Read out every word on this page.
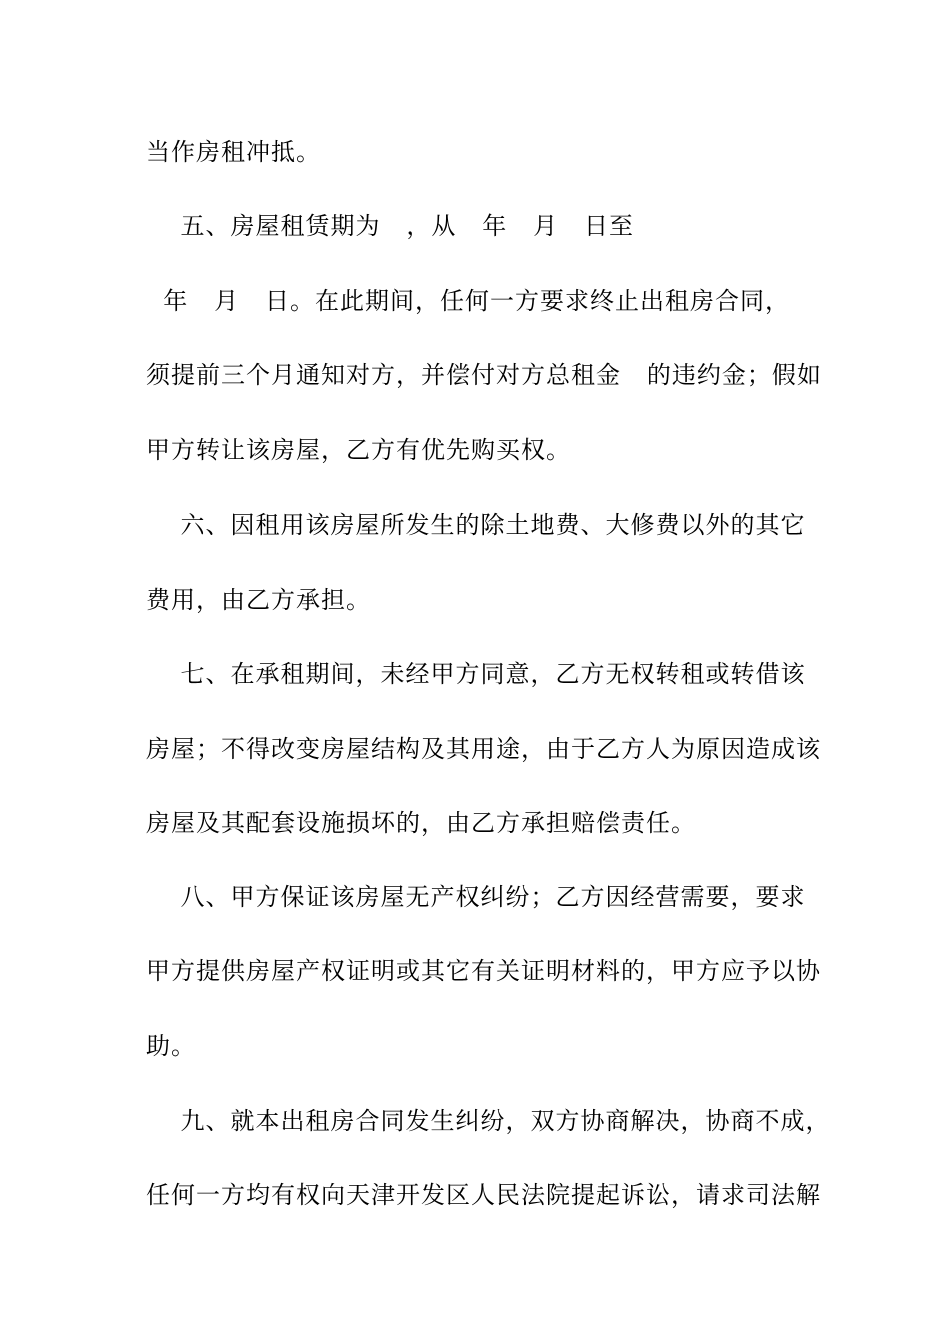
当作房租冲抵。
五、房屋租赁期为   ，从   年   月   日至
年   月   日。在此期间，任何一方要求终止出租房合同，
须提前三个月通知对方，并偿付对方总租金   的违约金；假如
甲方转让该房屋，乙方有优先购买权。
六、因租用该房屋所发生的除土地费、大修费以外的其它
费用，由乙方承担。
七、在承租期间，未经甲方同意，乙方无权转租或转借该
房屋；不得改变房屋结构及其用途，由于乙方人为原因造成该
房屋及其配套设施损坏的，由乙方承担赔偿责任。
八、甲方保证该房屋无产权纠纷；乙方因经营需要，要求
甲方提供房屋产权证明或其它有关证明材料的，甲方应予以协
助。
九、就本出租房合同发生纠纷，双方协商解决，协商不成，
任何一方均有权向天津开发区人民法院提起诉讼，请求司法解
